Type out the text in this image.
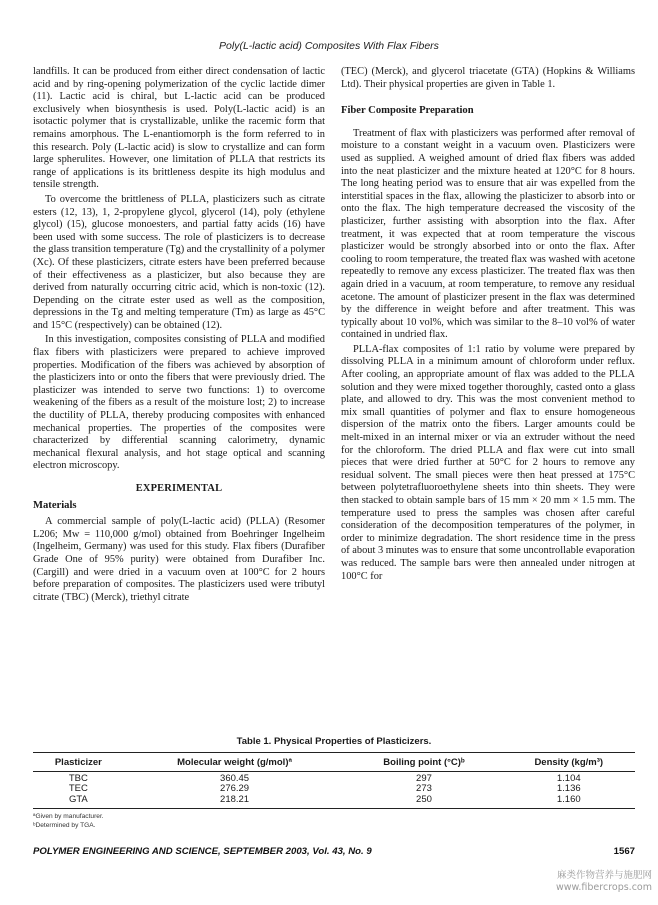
Poly(L-lactic acid) Composites With Flax Fibers

landfills. It can be produced from either direct condensation of lactic acid and by ring-opening polymerization of the cyclic lactide dimer (11). Lactic acid is chiral, but L-lactic acid can be produced exclusively when biosynthesis is used. Poly(L-lactic acid) is an isotactic polymer that is crystallizable, unlike the racemic form that remains amorphous. The L-enantiomorph is the form referred to in this research. Poly (L-lactic acid) is slow to crystallize and can form large spherulites. However, one limitation of PLLA that restricts its range of applications is its brittleness despite its high modulus and tensile strength.

To overcome the brittleness of PLLA, plasticizers such as citrate esters (12, 13), 1, 2-propylene glycol, glycerol (14), poly (ethylene glycol) (15), glucose monoesters, and partial fatty acids (16) have been used with some success. The role of plasticizers is to decrease the glass transition temperature (Tg) and the crystallinity of a polymer (Xc). Of these plasticizers, citrate esters have been preferred because of their effectiveness as a plasticizer, but also because they are derived from naturally occurring citric acid, which is non-toxic (12). Depending on the citrate ester used as well as the composition, depressions in the Tg and melting temperature (Tm) as large as 45°C and 15°C (respectively) can be obtained (12).

In this investigation, composites consisting of PLLA and modified flax fibers with plasticizers were prepared to achieve improved properties. Modification of the fibers was achieved by absorption of the plasticizers into or onto the fibers that were previously dried. The plasticizer was intended to serve two functions: 1) to overcome weakening of the fibers as a result of the moisture lost; 2) to increase the ductility of PLLA, thereby producing composites with enhanced mechanical properties. The properties of the composites were characterized by differential scanning calorimetry, dynamic mechanical flexural analysis, and hot stage optical and scanning electron microscopy.

EXPERIMENTAL
Materials

A commercial sample of poly(L-lactic acid) (PLLA) (Resomer L206; Mw = 110,000 g/mol) obtained from Boehringer Ingelheim (Ingelheim, Germany) was used for this study. Flax fibers (Durafiber Grade One of 95% purity) were obtained from Durafiber Inc. (Cargill) and were dried in a vacuum oven at 100°C for 2 hours before preparation of composites. The plasticizers used were tributyl citrate (TBC) (Merck), triethyl citrate

(TEC) (Merck), and glycerol triacetate (GTA) (Hopkins & Williams Ltd). Their physical properties are given in Table 1.

Fiber Composite Preparation

Treatment of flax with plasticizers was performed after removal of moisture to a constant weight in a vacuum oven. Plasticizers were used as supplied. A weighed amount of dried flax fibers was added into the neat plasticizer and the mixture heated at 120°C for 8 hours. The long heating period was to ensure that air was expelled from the interstitial spaces in the flax, allowing the plasticizer to absorb into or onto the flax. The high temperature decreased the viscosity of the plasticizer, further assisting with absorption into the flax. After treatment, it was expected that at room temperature the viscous plasticizer would be strongly absorbed into or onto the flax. After cooling to room temperature, the treated flax was washed with acetone repeatedly to remove any excess plasticizer. The treated flax was then again dried in a vacuum, at room temperature, to remove any residual acetone. The amount of plasticizer present in the flax was determined by the difference in weight before and after treatment. This was typically about 10 vol%, which was similar to the 8–10 vol% of water contained in undried flax.

PLLA-flax composites of 1:1 ratio by volume were prepared by dissolving PLLA in a minimum amount of chloroform under reflux. After cooling, an appropriate amount of flax was added to the PLLA solution and they were mixed together thoroughly, casted onto a glass plate, and allowed to dry. This was the most convenient method to mix small quantities of polymer and flax to ensure homogeneous dispersion of the matrix onto the fibers. Larger amounts could be melt-mixed in an internal mixer or via an extruder without the need for the chloroform. The dried PLLA and flax were cut into small pieces that were dried further at 50°C for 2 hours to remove any residual solvent. The small pieces were then heat pressed at 175°C between polytetrafluoroethylene sheets into thin sheets. They were then stacked to obtain sample bars of 15 mm × 20 mm × 1.5 mm. The temperature used to press the samples was chosen after careful consideration of the decomposition temperatures of the polymer, in order to minimize degradation. The short residence time in the press of about 3 minutes was to ensure that some uncontrollable evaporation was reduced. The sample bars were then annealed under nitrogen at 100°C for

Table 1. Physical Properties of Plasticizers.
Plasticizer	Molecular weight (g/mol)ª	Boiling point (°C)ᵇ	Density (kg/m³)

TBC	360.45	297	1.104
TEC	276.29	273	1.136
GTA	218.21	250	1.160

ªGiven by manufacturer.
ᵇDetermined by TGA.
POLYMER ENGINEERING AND SCIENCE, SEPTEMBER 2003, Vol. 43, No. 9	1567
麻类作物营养与施肥网
www.fibercrops.com
